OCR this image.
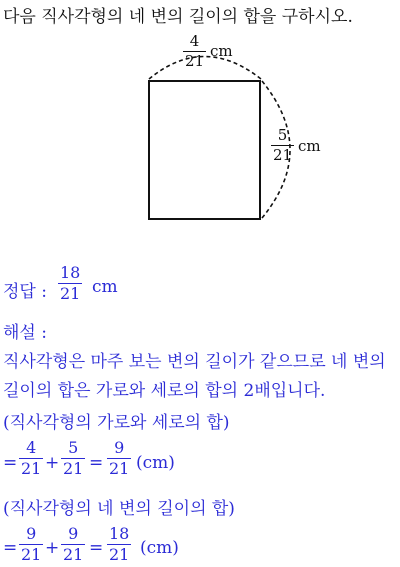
다음 직사각형의 네 변의 길이의 합을 구하시오.
4
21
cm
5
21 cm
정답 :
18
21 cm
해설 :
직사각형은 마주 보는 변의 길이가 같으므로 네 변의
길이의 합은 가로와 세로의 합의 2배입니다.
(직사각형의 가로와 세로의 합)
=
4
21 +
5
21 =
9
21 (cm)
(직사각형의 네 변의 길이의 합)
=
9
21 +
9
21 =
18
21 (cm)
